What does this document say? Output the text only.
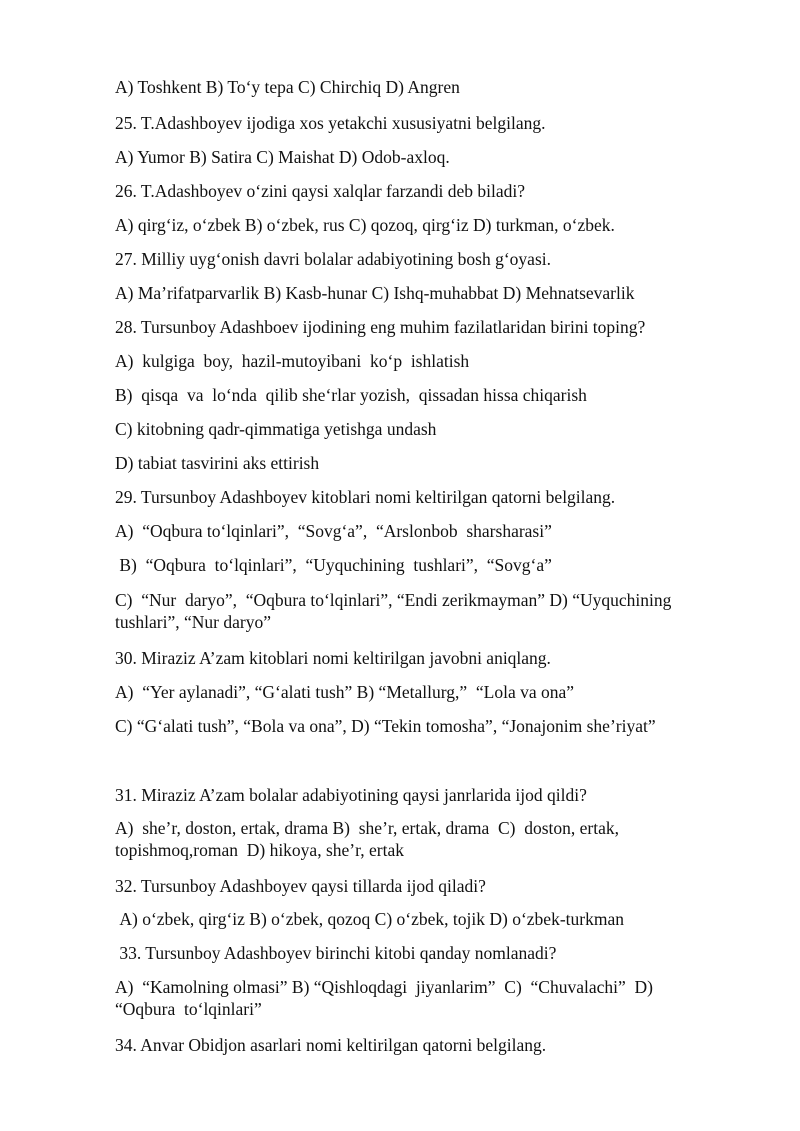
A) Toshkent B) To‘y tepa C) Chirchiq D) Angren
25. T.Adashboyev ijodiga xos yetakchi xususiyatni belgilang.
A) Yumor B) Satira C) Maishat D) Odob-axloq.
26. T.Adashboyev o‘zini qaysi xalqlar farzandi deb biladi?
A) qirg‘iz, o‘zbek B) o‘zbek, rus C) qozoq, qirg‘iz D) turkman, o‘zbek.
27. Milliy uyg‘onish davri bolalar adabiyotining bosh g‘oyasi.
A) Ma’rifatparvarlik B) Kasb-hunar C) Ishq-muhabbat D) Mehnatsevarlik
28. Tursunboy Adashboev ijodining eng muhim fazilatlaridan birini toping?
A)  kulgiga  boy,  hazil-mutoyibani  ko‘p  ishlatish
B)  qisqa  va  lo‘nda  qilib she‘rlar yozish,  qissadan hissa chiqarish
C) kitobning qadr-qimmatiga yetishga undash
D) tabiat tasvirini aks ettirish
29. Tursunboy Adashboyev kitoblari nomi keltirilgan qatorni belgilang.
A)  “Oqbura to‘lqinlari”,  “Sovg‘a”,  “Arslonbob  sharsharasi”
B)  “Oqbura  to‘lqinlari”,  “Uyquchining  tushlari”,  “Sovg‘a”
C)  “Nur  daryo”,  “Oqbura to‘lqinlari”, “Endi zerikmayman” D) “Uyquchining tushlari”, “Nur daryo”
30. Miraziz A’zam kitoblari nomi keltirilgan javobni aniqlang.
A)  “Yer aylanadi”, “G‘alati tush” B) “Metallurg,”  “Lola va ona”
C) “G‘alati tush”, “Bola va ona”, D) “Tekin tomosha”, “Jonajonim she’riyat”
31. Miraziz A’zam bolalar adabiyotining qaysi janrlarida ijod qildi?
A)  she’r, doston, ertak, drama B)  she’r, ertak, drama  C)  doston, ertak, topishmoq,roman  D) hikoya, she’r, ertak
32. Tursunboy Adashboyev qaysi tillarda ijod qiladi?
A) o‘zbek, qirg‘iz B) o‘zbek, qozoq C) o‘zbek, tojik D) o‘zbek-turkman
33. Tursunboy Adashboyev birinchi kitobi qanday nomlanadi?
A)  “Kamolning olmasi” B) “Qishloqdagi  jiyanlarim”  C)  “Chuvalachi”  D) “Oqbura  to‘lqinlari”
34. Anvar Obidjon asarlari nomi keltirilgan qatorni belgilang.
